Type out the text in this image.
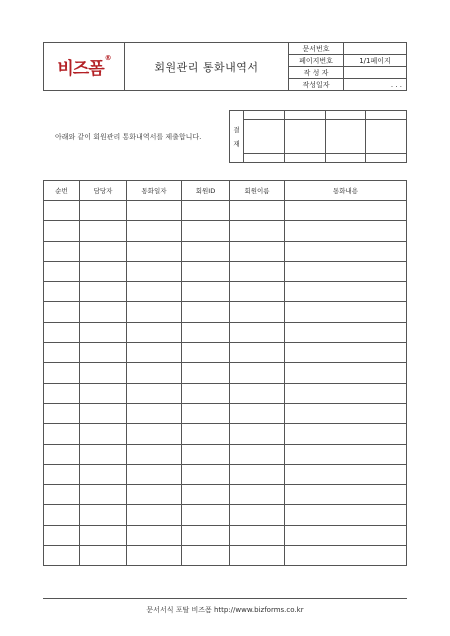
비즈폼®	회원관리 통화내역서	문서번호	
		페이지번호	1/1페이지
		작 성 자	
		작성일자	. . .
아래와 같이 회원관리 통화내역서를 제출합니다.
결
재				

순번	담당자	통화일자	회원ID	회원이름	통화내용

문서서식 포탈 비즈폼 http://www.bizforms.co.kr
